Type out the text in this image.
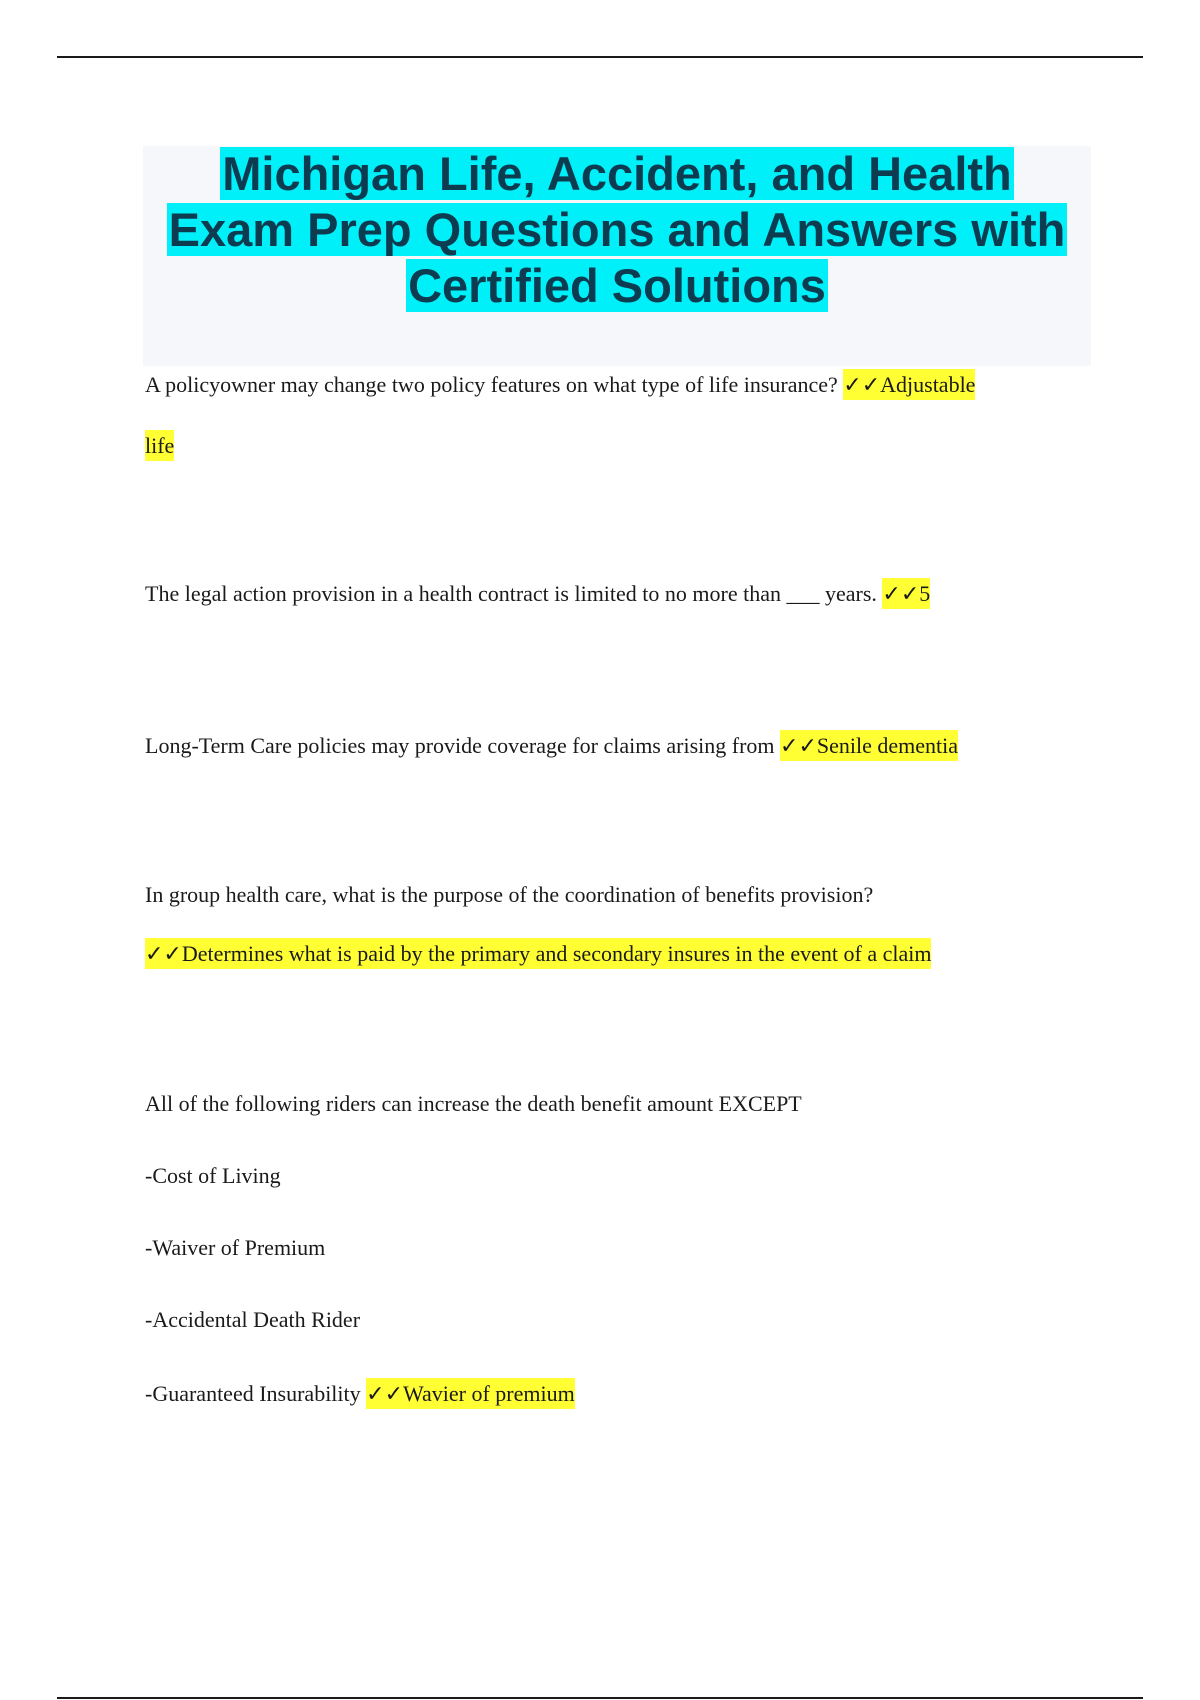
Michigan Life, Accident, and Health
Exam Prep Questions and Answers with
Certified Solutions

A policyowner may change two policy features on what type of life insurance? ✓✓Adjustable

life

The legal action provision in a health contract is limited to no more than ___ years. ✓✓5

Long-Term Care policies may provide coverage for claims arising from ✓✓Senile dementia

In group health care, what is the purpose of the coordination of benefits provision?

✓✓Determines what is paid by the primary and secondary insures in the event of a claim

All of the following riders can increase the death benefit amount EXCEPT

-Cost of Living

-Waiver of Premium

-Accidental Death Rider

-Guaranteed Insurability ✓✓Wavier of premium
